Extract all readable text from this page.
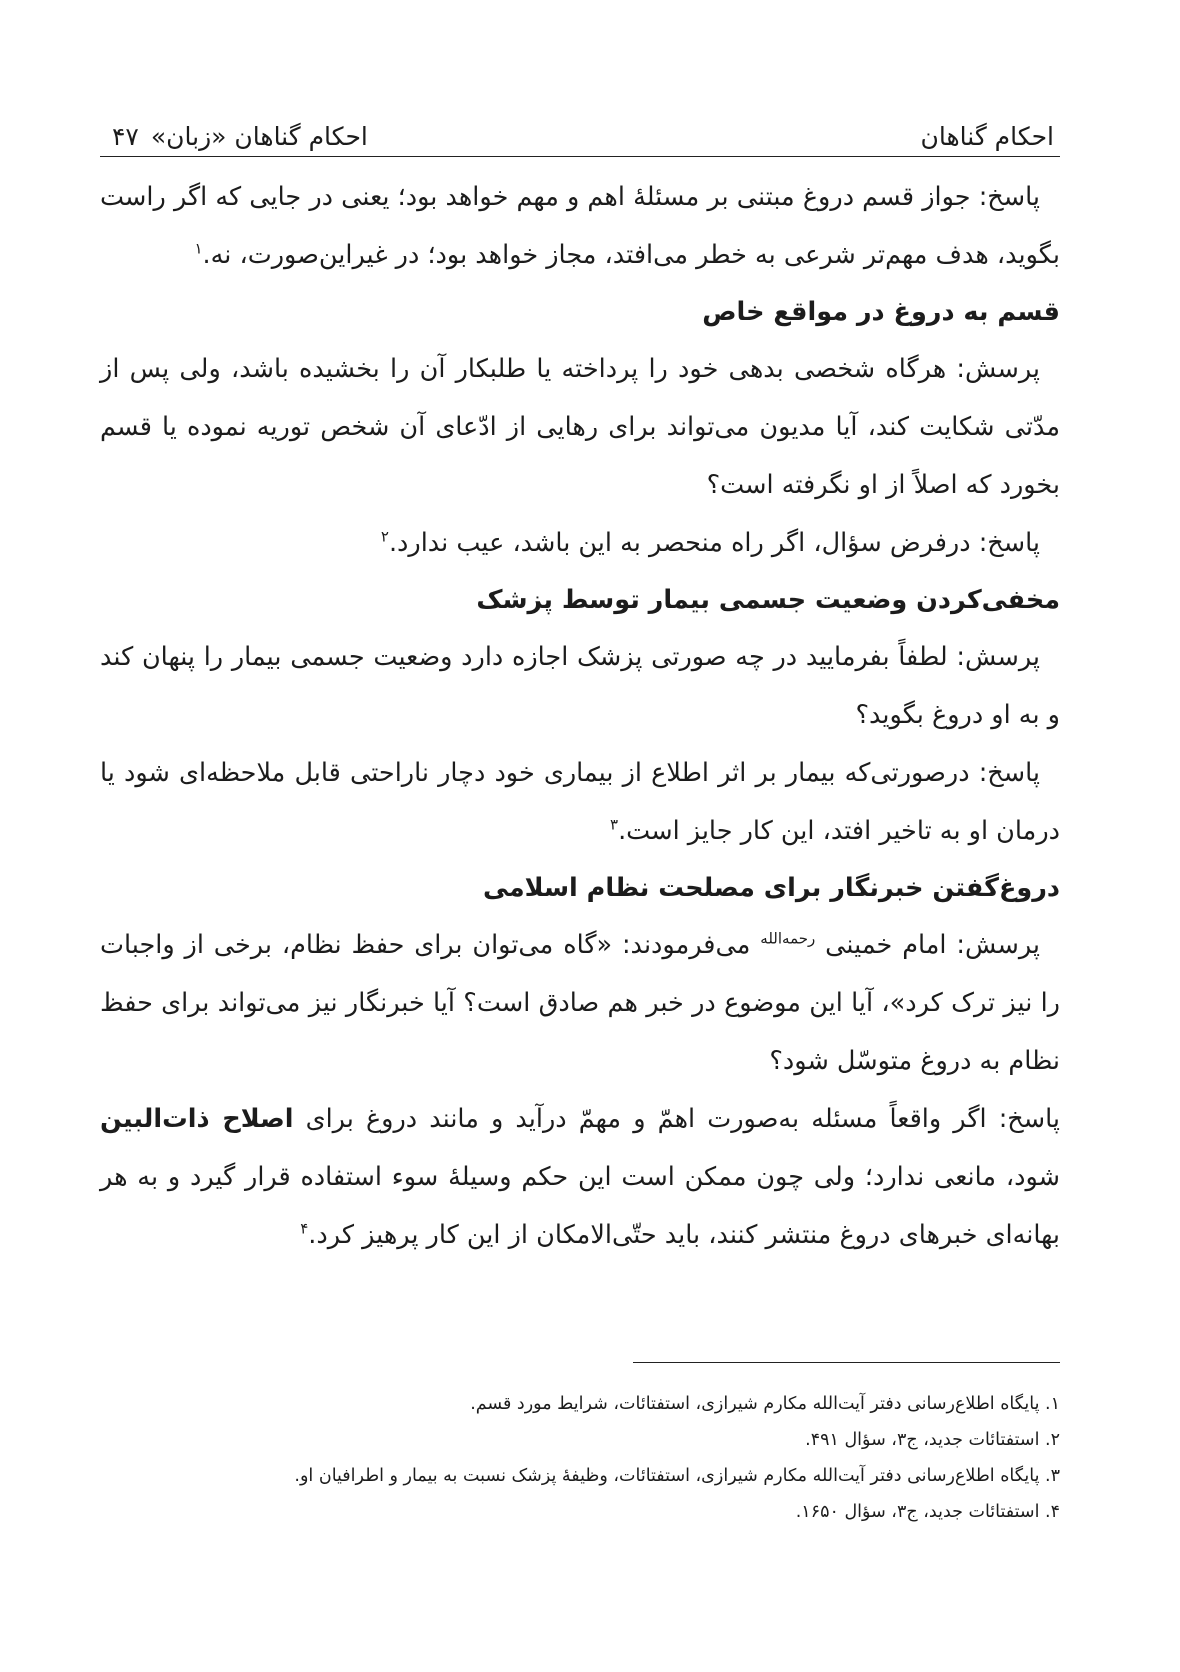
احکام گناهان
احکام گناهان «زبان»۴۷

پاسخ: جواز قسم دروغ مبتنی بر مسئلهٔ اهم و مهم خواهد بود؛ یعنی در جایی که اگر راست بگوید، هدف مهم‌تر شرعی به خطر می‌افتد، مجاز خواهد بود؛ در غیراین‌صورت، نه.$^۱$

قسم به دروغ در مواقع خاص

پرسش: هرگاه شخصی بدهی خود را پرداخته یا طلبکار آن را بخشیده باشد، ولی پس از مدّتی شکایت کند، آیا مدیون می‌تواند برای رهایی از ادّعای آن شخص توریه نموده یا قسم بخورد که اصلاً از او نگرفته است؟

پاسخ: درفرض سؤال، اگر راه منحصر به این باشد، عیب ندارد.$^۲$

مخفی‌کردن وضعیت جسمی بیمار توسط پزشک

پرسش: لطفاً بفرمایید در چه صورتی پزشک اجازه دارد وضعیت جسمی بیمار را پنهان کند و به او دروغ بگوید؟

پاسخ: درصورتی‌که بیمار بر اثر اطلاع از بیماری خود دچار ناراحتی قابل ملاحظه‌ای شود یا درمان او به تاخیر افتد، این کار جایز است.$^۳$

دروغ‌گفتن خبرنگار برای مصلحت نظام اسلامی

پرسش: امام خمینی $^{ﺭﺣﻤﻪﺍﻟﻠﻪ}$ می‌فرمودند: «گاه می‌توان برای حفظ نظام، برخی از واجبات را نیز ترک کرد»، آیا این موضوع در خبر هم صادق است؟ آیا خبرنگار نیز می‌تواند برای حفظ نظام به دروغ متوسّل شود؟

پاسخ: اگر واقعاً مسئله به‌صورت اهمّ و مهمّ درآید و مانند دروغ برای اصلاح ذات‌البین شود، مانعی ندارد؛ ولی چون ممکن است این حکم وسیلهٔ سوء استفاده قرار گیرد و به هر بهانه‌ای خبرهای دروغ منتشر کنند، باید حتّی‌الامکان از این کار پرهیز کرد.$^۴$

۱. پایگاه اطلاع‌رسانی دفتر آیت‌الله مکارم شیرازی، استفتائات، شرایط مورد قسم.

۲. استفتائات جدید، ج۳، سؤال ۴۹۱.

۳. پایگاه اطلاع‌رسانی دفتر آیت‌الله مکارم شیرازی، استفتائات، وظیفهٔ پزشک نسبت به بیمار و اطرافیان او.

۴. استفتائات جدید، ج۳، سؤال ۱۶۵۰.
